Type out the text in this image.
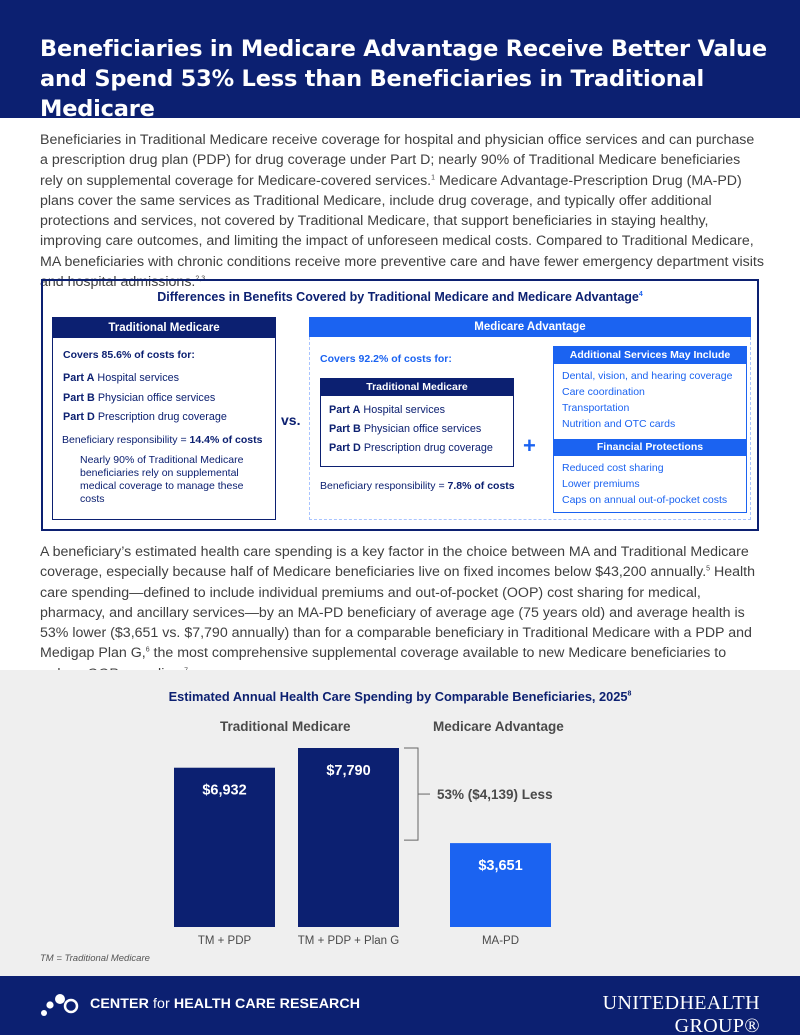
Beneficiaries in Medicare Advantage Receive Better Value and Spend 53% Less than Beneficiaries in Traditional Medicare

Beneficiaries in Traditional Medicare receive coverage for hospital and physician office services and can purchase a prescription drug plan (PDP) for drug coverage under Part D; nearly 90% of Traditional Medicare beneficiaries rely on supplemental coverage for Medicare-covered services.$^1$ Medicare Advantage-Prescription Drug (MA-PD) plans cover the same services as Traditional Medicare, include drug coverage, and typically offer additional protections and services, not covered by Traditional Medicare, that support beneficiaries in staying healthy, improving care outcomes, and limiting the impact of unforeseen medical costs. Compared to Traditional Medicare, MA beneficiaries with chronic conditions receive more preventive care and have fewer emergency department visits and hospital admissions.$^{2,3}$

Differences in Benefits Covered by Traditional Medicare and Medicare Advantage$^4$
Traditional Medicare
Covers 85.6% of costs for:
Part A Hospital services
Part B Physician office services
Part D Prescription drug coverage	vs.
Medicare Advantage
Covers 92.2% of costs for:
Traditional Medicare
Part A Hospital services
Part B Physician office services
Part D Prescription drug coverage
Beneficiary responsibility = 7.8% of costs
+
Additional Services May Include
Dental, vision, and hearing coverage
Care coordination
Transportation
Nutrition and OTC cards
Financial Protections
Reduced cost sharing
Lower premiums
Caps on annual out-of-pocket costs
Beneficiary responsibility = 14.4% of costs
Nearly 90% of Traditional Medicare beneficiaries rely on supplemental medical coverage to manage these costs

A beneficiary’s estimated health care spending is a key factor in the choice between MA and Traditional Medicare coverage, especially because half of Medicare beneficiaries live on fixed incomes below $43,200 annually.$^5$ Health care spending—defined to include individual premiums and out-of-pocket (OOP) cost sharing for medical, pharmacy, and ancillary services—by an MA-PD beneficiary of average age (75 years old) and average health is 53% lower ($3,651 vs. $7,790 annually) than for a comparable beneficiary in Traditional Medicare with a PDP and Medigap Plan G,$^6$ the most comprehensive supplemental coverage available to new Medicare beneficiaries to

Estimated Annual Health Care Spending by Comparable Beneficiaries, 2025$^8$
Traditional Medicare	Medicare Advantage
$6,932
TM + PDP
$7,790
TM + PDP + Plan G
$3,651
MA-PD
53% ($4,139) Less
TM = Traditional Medicare
CENTER for HEALTH CARE RESEARCH	UNITEDHEALTH GROUP®
